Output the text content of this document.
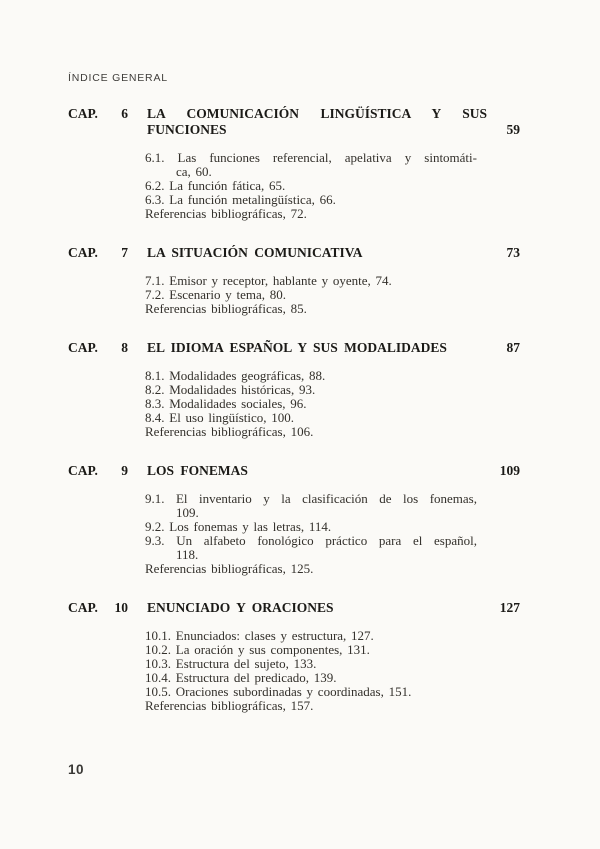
ÍNDICE GENERAL
CAP.	6	LA COMUNICACIÓN LINGÜÍSTICA Y SUS FUNCIONES	59
6.1. Las funciones referencial, apelativa y sintomáti-
ca, 60.
6.2. La función fática, 65.
6.3. La función metalingüística, 66.
Referencias bibliográficas, 72.
CAP.	7	LA SITUACIÓN COMUNICATIVA	73
7.1. Emisor y receptor, hablante y oyente, 74.
7.2. Escenario y tema, 80.
Referencias bibliográficas, 85.
CAP.	8	EL IDIOMA ESPAÑOL Y SUS MODALIDADES	87
8.1. Modalidades geográficas, 88.
8.2. Modalidades históricas, 93.
8.3. Modalidades sociales, 96.
8.4. El uso lingüístico, 100.
Referencias bibliográficas, 106.
CAP.	9	LOS FONEMAS	109
9.1. El inventario y la clasificación de los fonemas,
109.
9.2. Los fonemas y las letras, 114.
9.3. Un alfabeto fonológico práctico para el español,
118.
Referencias bibliográficas, 125.
CAP.	10	ENUNCIADO Y ORACIONES	127
10.1. Enunciados: clases y estructura, 127.
10.2. La oración y sus componentes, 131.
10.3. Estructura del sujeto, 133.
10.4. Estructura del predicado, 139.
10.5. Oraciones subordinadas y coordinadas, 151.
Referencias bibliográficas, 157.
10
